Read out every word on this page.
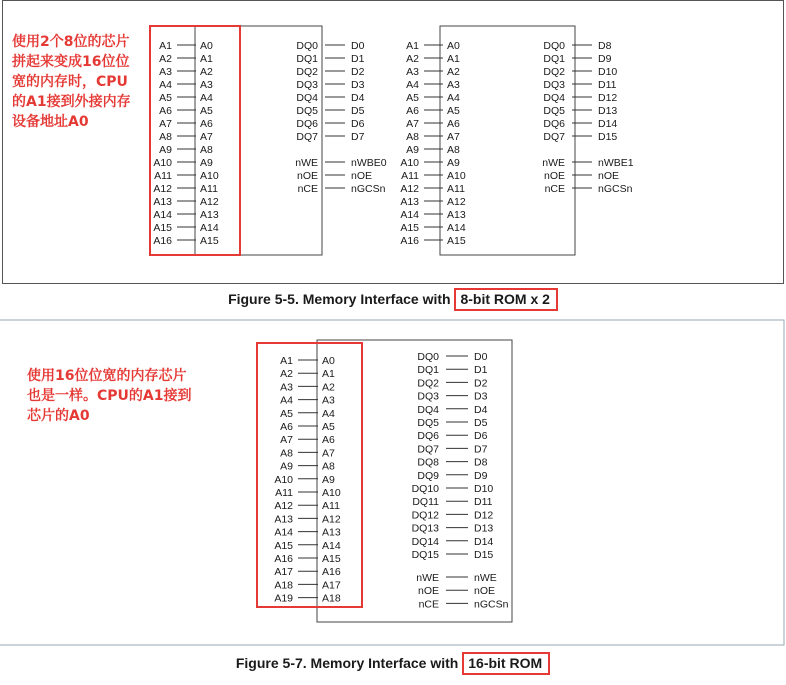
A1	A0
A2	A1
A3	A2
A4	A3
A5	A4
A6	A5
A7	A6
A8	A7
A9	A8
A10	A9
A11	A10
A12	A11
A13	A12
A14	A13
A15	A14
A16	A15
DQ0	D0
DQ1	D1
DQ2	D2
DQ3	D3
DQ4	D4
DQ5	D5
DQ6	D6
DQ7	D7
nWE	nWBE0
nOE	nOE
nCE	nGCSn
A1	A0
A2	A1
A3	A2
A4	A3
A5	A4
A6	A5
A7	A6
A8	A7
A9	A8
A10	A9
A11	A10
A12	A11
A13	A12
A14	A13
A15	A14
A16	A15
DQ0	D8
DQ1	D9
DQ2	D10
DQ3	D11
DQ4	D12
DQ5	D13
DQ6	D14
DQ7	D15
nWE	nWBE1
nOE	nOE
nCE	nGCSn
A1	A0
A2	A1
A3	A2
A4	A3
A5	A4
A6	A5
A7	A6
A8	A7
A9	A8
A10	A9
A11	A10
A12	A11
A13	A12
A14	A13
A15	A14
A16	A15
A17	A16
A18	A17
A19	A18
DQ0	D0
DQ1	D1
DQ2	D2
DQ3	D3
DQ4	D4
DQ5	D5
DQ6	D6
DQ7	D7
DQ8	D8
DQ9	D9
DQ10	D10
DQ11	D11
DQ12	D12
DQ13	D13
DQ14	D14
DQ15	D15
nWE	nWE
nOE	nOE
nCE	nGCSn
使用2个8位的芯片
拼起来变成16位位
宽的内存时，CPU
的A1接到外接内存
设备地址A0
Figure 5-5. Memory Interface with 8-bit ROM x 2
使用16位位宽的内存芯片
也是一样。CPU的A1接到
芯片的A0
Figure 5-7. Memory Interface with 16-bit ROM
